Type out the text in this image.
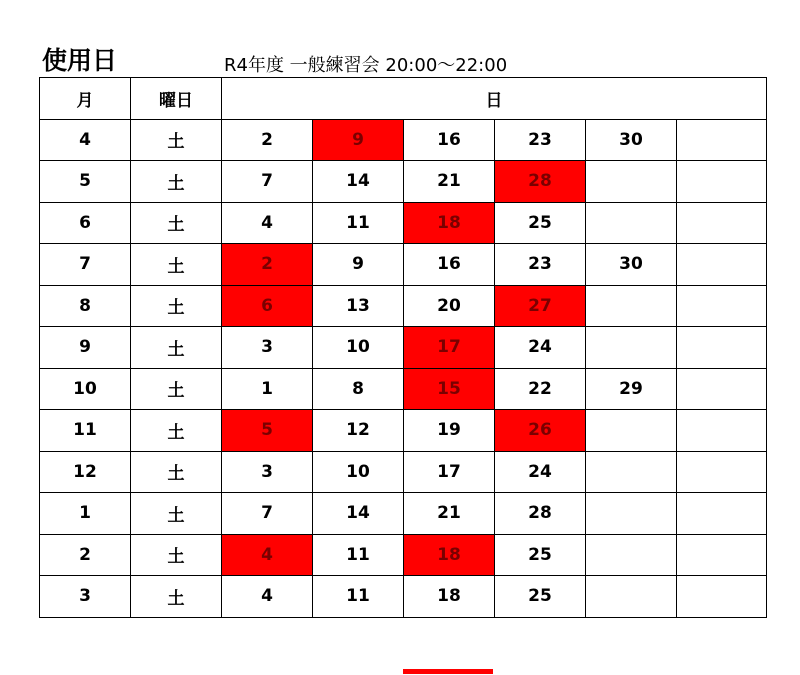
使用日	R4年度 一般練習会 20:00～22:00
月	曜日	日					
4	土	2	9	16	23	30	
5	土	7	14	21	28		
6	土	4	11	18	25		
7	土	2	9	16	23	30	
8	土	6	13	20	27		
9	土	3	10	17	24		
10	土	1	8	15	22	29	
11	土	5	12	19	26		
12	土	3	10	17	24		
1	土	7	14	21	28		
2	土	4	11	18	25		
3	土	4	11	18	25		
